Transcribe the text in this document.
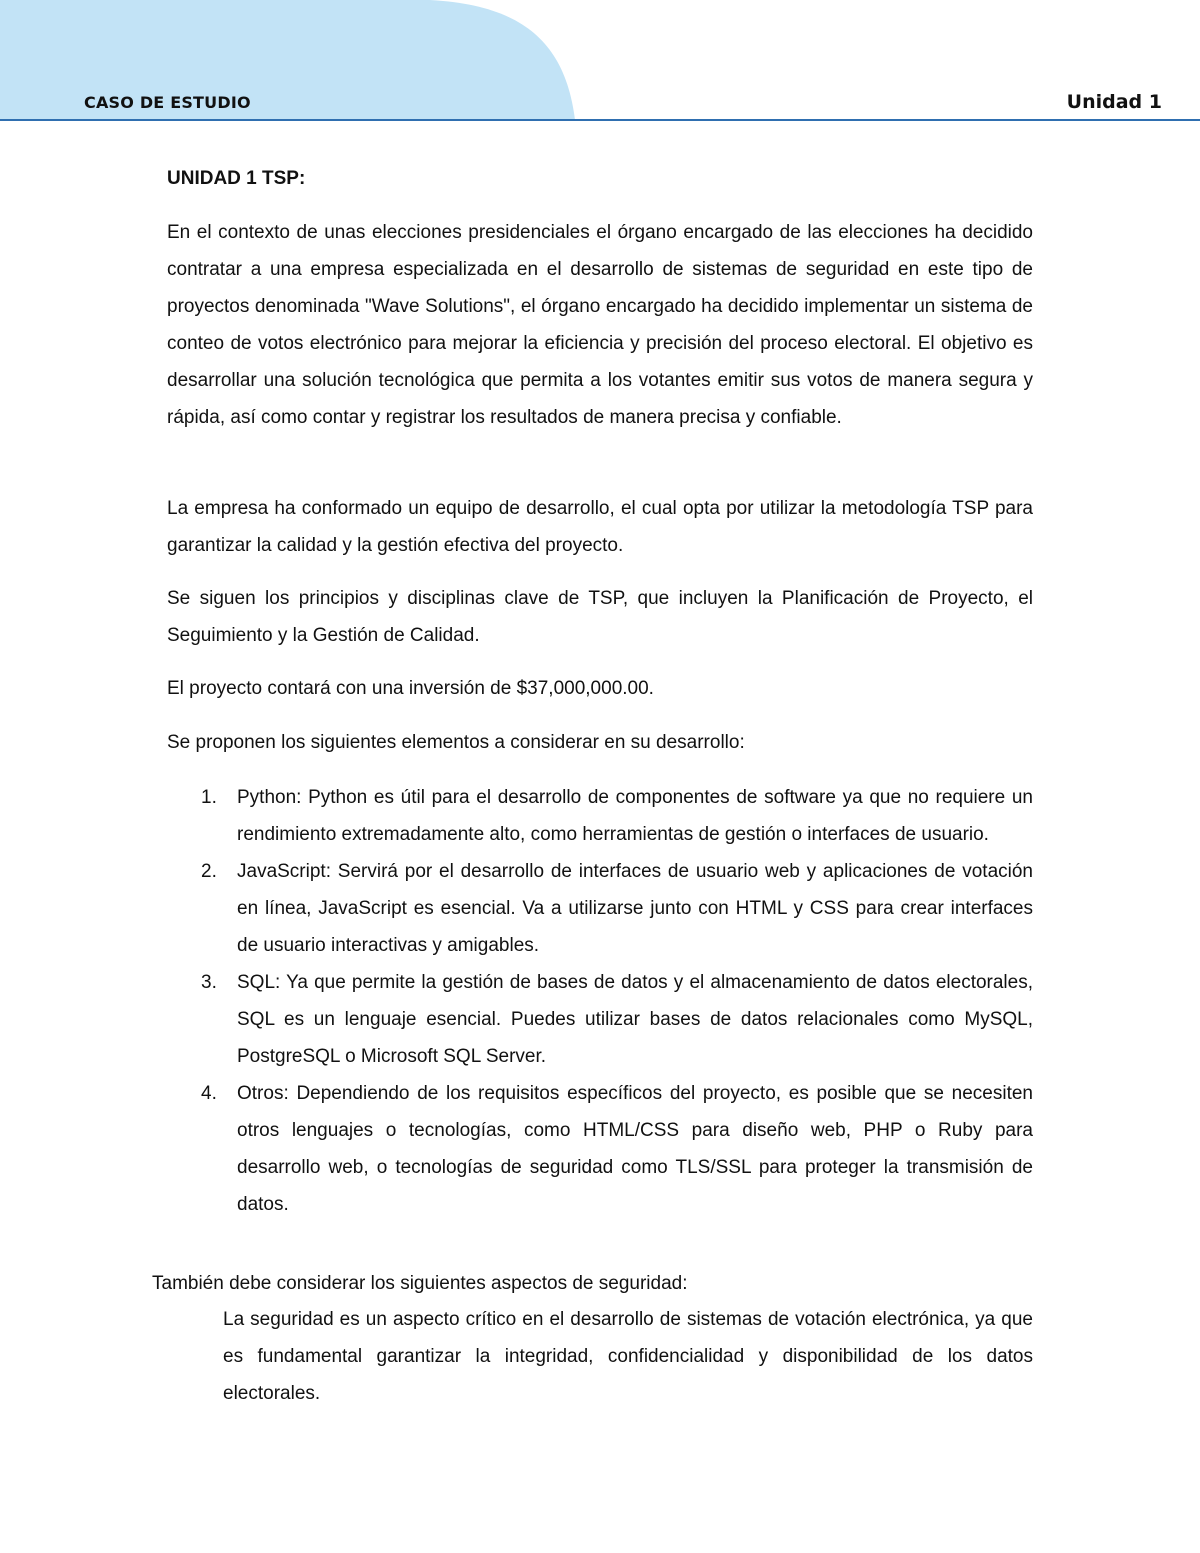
CASO DE ESTUDIO	Unidad 1
UNIDAD 1 TSP:

En el contexto de unas elecciones presidenciales el órgano encargado de las elecciones ha decidido contratar a una empresa especializada en el desarrollo de sistemas de seguridad en este tipo de proyectos denominada "Wave Solutions", el órgano encargado ha decidido implementar un sistema de conteo de votos electrónico para mejorar la eficiencia y precisión del proceso electoral. El objetivo es desarrollar una solución tecnológica que permita a los votantes emitir sus votos de manera segura y rápida, así como contar y registrar los resultados de manera precisa y confiable.

La empresa ha conformado un equipo de desarrollo, el cual opta por utilizar la metodología TSP para garantizar la calidad y la gestión efectiva del proyecto.

Se siguen los principios y disciplinas clave de TSP, que incluyen la Planificación de Proyecto, el Seguimiento y la Gestión de Calidad.

El proyecto contará con una inversión de $37,000,000.00.

Se proponen los siguientes elementos a considerar en su desarrollo:

1. Python: Python es útil para el desarrollo de componentes de software ya que no requiere un rendimiento extremadamente alto, como herramientas de gestión o interfaces de usuario.
2. JavaScript: Servirá por el desarrollo de interfaces de usuario web y aplicaciones de votación en línea, JavaScript es esencial. Va a utilizarse junto con HTML y CSS para crear interfaces de usuario interactivas y amigables.
3. SQL: Ya que permite la gestión de bases de datos y el almacenamiento de datos electorales, SQL es un lenguaje esencial. Puedes utilizar bases de datos relacionales como MySQL, PostgreSQL o Microsoft SQL Server.
4. Otros: Dependiendo de los requisitos específicos del proyecto, es posible que se necesiten otros lenguajes o tecnologías, como HTML/CSS para diseño web, PHP o Ruby para desarrollo web, o tecnologías de seguridad como TLS/SSL para proteger la transmisión de datos.

También debe considerar los siguientes aspectos de seguridad:

La seguridad es un aspecto crítico en el desarrollo de sistemas de votación electrónica, ya que es fundamental garantizar la integridad, confidencialidad y disponibilidad de los datos electorales.
